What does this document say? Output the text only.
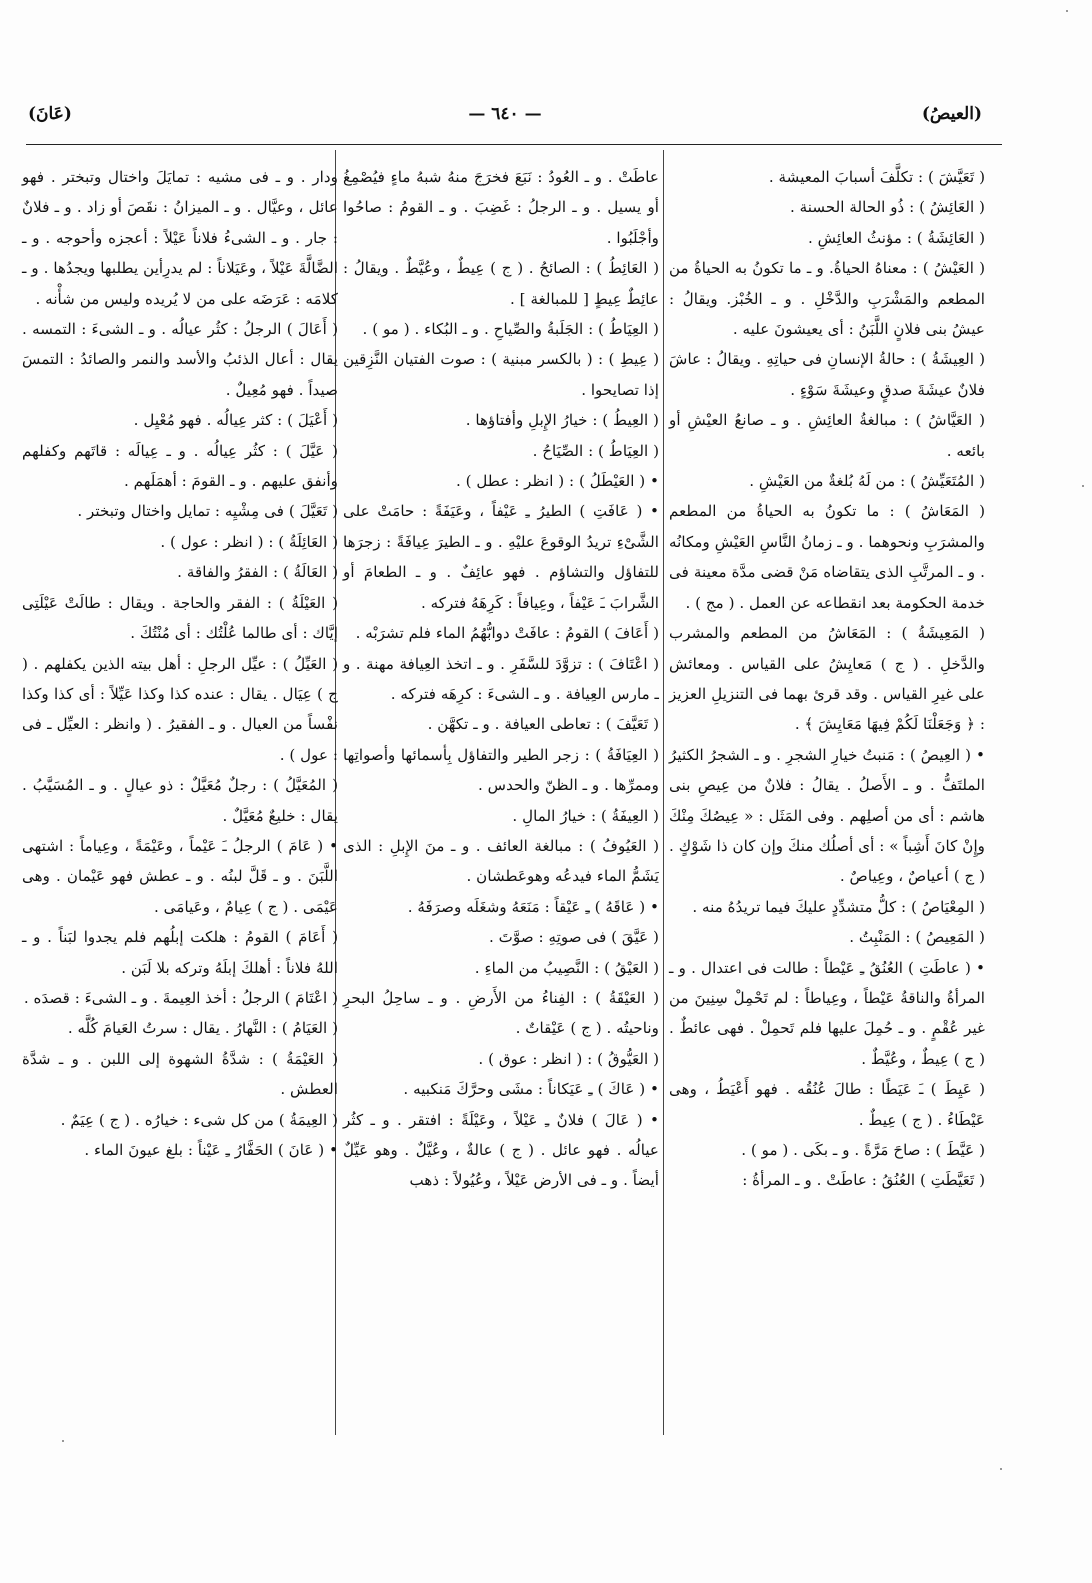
(العيصُ)
— ٦٤٠ —
(عَانَ)

( تَعَيَّشَ ) : تكلَّفَ أسبابَ المعيشة .

( العَائِشُ ) : ذُو الحالة الحسنة .

( العَائِشَةُ ) : مؤنثُ العائِشِ .

( العَيْشُ ) : معناهُ الحياةُ. و ـ ما تكونُ به الحياةُ من المطعم والمَشْرَبِ والدَّخْلِ . و ـ الخُبْز. ويقالُ : عيشُ بنى فلانٍ اللَّبَنُ : أى يعيشونَ عليه .

( العِيشَةُ ) : حالةُ الإنسانِ فى حياتِهِ . ويقالُ : عاشَ فلانٌ عيشَةَ صدقٍ وعيشَةَ سَوْءٍ .

( العَيَّاشُ ) : مبالغةُ العائِشِ . و ـ صانعُ العيْشِ أو بائعه .

( المُتَعَيِّشُ ) : من لَهُ بُلغةٌ من العَيْشِ .

( المَعَاشُ ) : ما تكونُ به الحياةُ من المطعم والمشرَبِ ونحوهما . و ـ زمانُ النَّاسِ العَيْشِ ومكانُه . و ـ المرتَّبِ الذى يتقاضاه مَنْ قضى مدَّة معينة فى خدمة الحكومة بعد انقطاعه عن العمل . ( مج ) .

( المَعِيشَةُ ) : المَعَاشُ من المطعم والمشرب والدَّخلِ . ( ج ) مَعايِشُ على القياس . ومعائش على غيرِ القياس . وقد قرئ بهما فى التنزيلِ العزيز : ﴿ وَجَعَلْنَا لَكُمْ فِيهَا مَعَايِشَ ﴾ .

• ( العِيصُ ) : مَنبتُ خيارِ الشجرِ . و ـ الشجرُ الكثيرُ الملتَفُّ . و ـ الأَصلُ . يقالُ : فلانٌ من عِيصِ بنى هاشم : أى من أصلِهم . وفى المَثَل : « عِيصُكَ مِنْكَ وإِنْ كانَ أَشِباً » : أى أصلُك منكَ وإن كان ذا شَوْكٍ . ( ج ) أعياصٌ ، وعِياصٌ .

( المِعْيَاصُ ) : كلُّ متشدِّدٍ عليكَ فيما تريدُهُ منه .

( المَعِيصُ ) : المَنْبِتُ .

• ( عاطَتِ ) العُنُقُ ـِ عَيْطاً : طالت فى اعتدال . و ـ المرأةُ والناقةُ عَيْطاً ، وعِياطاً : لم تَحْمِلْ سِنِينَ من غير عُقْمٍ . و ـ حُمِلَ عليها فلم تَحمِلْ . فهى عائطٌ . ( ج ) عِيطٌ ، وعُيَّطٌ .

( عَيِطَ ) ـَ عَيَطًا : طالَ عُنُقُه . فهو أَعْيَطُ ، وهى عَيْطَاءُ . ( ج ) عِيطٌ .

( عَيَّطَ ) : صاحَ مَرَّةً . و ـ بكَى . ( مو ) .

( تَعَيَّطَتِ ) العُنُقُ : عاطَتْ . و ـ المرأةُ :

عاطَتْ . و ـ العُودُ : نَبَعَ فخرَجَ منهُ شبهُ ماءٍ فيُصْمِغُ أو يسيل . و ـ الرجلُ : غَضِبَ . و ـ القومُ : صاحُوا وأجْلَبُوا .

( العَائِطُ ) : الصائحُ . ( ج ) عِيطٌ ، وعُيَّطٌ . ويقالُ : عائِطٌ عِيطٍ [ للمبالغة ] .

( العِيَاطُ ) : الجَلَبةُ والصِّياحِ . و ـ البُكاء . ( مو ) .

( عِيطِ ) : ( بالكسر مبنية ) : صوت الفتيان النَّزِقين إذا تصايحوا .

( العِيطُ ) : خيارُ الإِبلِ وأفتاؤها .

( العِيَاطُ ) : الصِّيَاحُ .

• ( العَيْطَلُ ) : ( انظر : عطل ) .

• ( عَافَتِ ) الطيرُ ـِ عَيْفاً ، وعَيَفَةً : حامَتْ على الشَّىْءِ تريدُ الوقوعَ عليْهِ . و ـ الطيرَ عِيافَةً : زجرَها للتفاؤل والتشاؤم . فهو عائِفٌ . و ـ الطعامَ أو الشَّرابَ ـَ عَيْفاً ، وعِيافاً : كَرِهَهُ فتركه .

( أَعَافَ ) القومُ : عافَتْ دوابُّهُمُ الماء فلم تشرَبْه .

( اعْتَافَ ) : تزوَّدَ للسَّفَرِ . و ـ اتخذ العِيافة مهنة . و ـ مارس العِيافة . و ـ الشىءَ : كرِهَه فتركه .

( تَعَيَّفَ ) : تعاطى العيافة . و ـ تكهَّن .

( العِيَافَةُ ) : زجر الطير والتفاؤل بِأسمائها وأصواتِها وممرِّها . و ـ الظنّ والحدس .

( العِيفَةُ ) : خيارُ المالِ .

( العَيُوفُ ) : مبالغة العائف . و ـ منَ الإِبلِ : الذى يَشَمُّ الماء فيدعُه وهوعَطشان .

• ( عَاقَهُ ) ـِ عَيْقاً : مَنَعَهُ وشغَلَه وصرَفَهُ .

( عَيَّقَ ) فى صوتِهِ : صوَّتَ .

( العَيْقُ ) : النَّصِيبُ من الماءِ .

( العَيْقَةُ ) : الفِناءُ من الأَرضِ . و ـ ساحِلُ البحرِ وناحيتُه . ( ج ) عَيْقاتٌ .

( العَيُّوقُ ) : ( انظر : عوق ) .

• ( عَاكَ ) ـِ عَيَكاناً : مشَى وحرَّكَ مَنكبيه .

• ( عَالَ ) فلانٌ ـِ عَيْلاً ، وعَيْلَةً : افتقر . و ـ كثُر عيالُه . فهو عائل . ( ج ) عالةٌ ، وعُيَّلٌ . وهو عَيِّلٌ أيضاً . و ـ فى الأرض عَيْلاً ، وعُيُولاً : ذهب

ودار . و ـ فى مشيه : تمايَلَ واختال وتبختر . فهو عائل ، وعيَّال . و ـ الميزانُ : نقَصَ أو زاد . و ـ فلانٌ : جار . و ـ الشىءُ فلاناً عَيْلاً : أعجزه وأحوجه . و ـ الضَّالَّةَ عَيْلاً ، وعَيَلاناً : لم يدرِأين يطلبها ويجدُها . و ـ كلامَه : عَرَضَه على من لا يُريده وليس من شأْنه .

( أَعَالَ ) الرجلُ : كثُر عيالُه . و ـ الشىءَ : التمسه . يقال : أعال الذئبُ والأسد والنمر والصائدُ : التمسَ صيداً . فهو مُعِيلٌ .

( أَعْيَلَ ) : كثر عِيالُه . فهو مُعْيِل .

( عَيَّلَ ) : كثُر عِيالُه . و ـ عِيالَه : قاتَهم وكفلهم وأنفق عليهم . و ـ القومَ : أهمَلَهم .

( تَعَيَّلَ ) فى مِشْيِه : تمايل واختال وتبختر .

( العَائِلَةُ ) : ( انظر : عول ) .

( العَالَةُ ) : الفقرُ والفاقة .

( العَيْلَةُ ) : الفقر والحاجة . ويقال : طالَتْ عَيْلَتِى إيَّاك : أى طالما عُلْتُك : أى مُنْتُكَ .

( العَيِّلُ ) : عيِّل الرجلِ : أهل بيته الذين يكفلهم . ( ج ) عِيَال . يقال : عنده كذا وكذا عَيِّلاً : أى كذا وكذا نفْساً من العيال . و ـ الفقيرُ . ( وانظر : العيِّل ـ فى : عول ) .

( المُعَيَّلُ ) : رجلٌ مُعَيَّلٌ : ذو عيالٍ . و ـ المُسَيَّبُ . يقال : خليعٌ مُعَيَّلٌ .

• ( عَامَ ) الرجلُ ـَ عَيْماً ، وعَيْمَةً ، وعِياماً : اشتهى اللَّبَنَ . و ـ قَلَّ لبنُه . و ـ عطش فهو عَيْمان . وهى عَيْمَى . ( ج ) عِيامٌ ، وعَيامَى .

( أَعَامَ ) القومُ : هلكت إبلُهم فلم يجدوا لبَناً . و ـ اللهُ فلاناً : أهلكَ إبلَهُ وتركه بلا لَبَن .

( اعْتَامَ ) الرجلُ : أخذ العِيمةَ . و ـ الشىءَ : قصدَه .

( العَيَامُ ) : النَّهارُ . يقال : سرتُ العَيامَ كُلَّه .

( العَيْمَةُ ) : شدَّةُ الشهوة إلى اللبن . و ـ شدَّة العطش .

( العِيمَةُ ) من كل شىء : خيارُه . ( ج ) عِيَمٌ .

• ( عَانَ ) الحَفَّارُ ـِ عَيْناً : بلغ عيونَ الماء .
